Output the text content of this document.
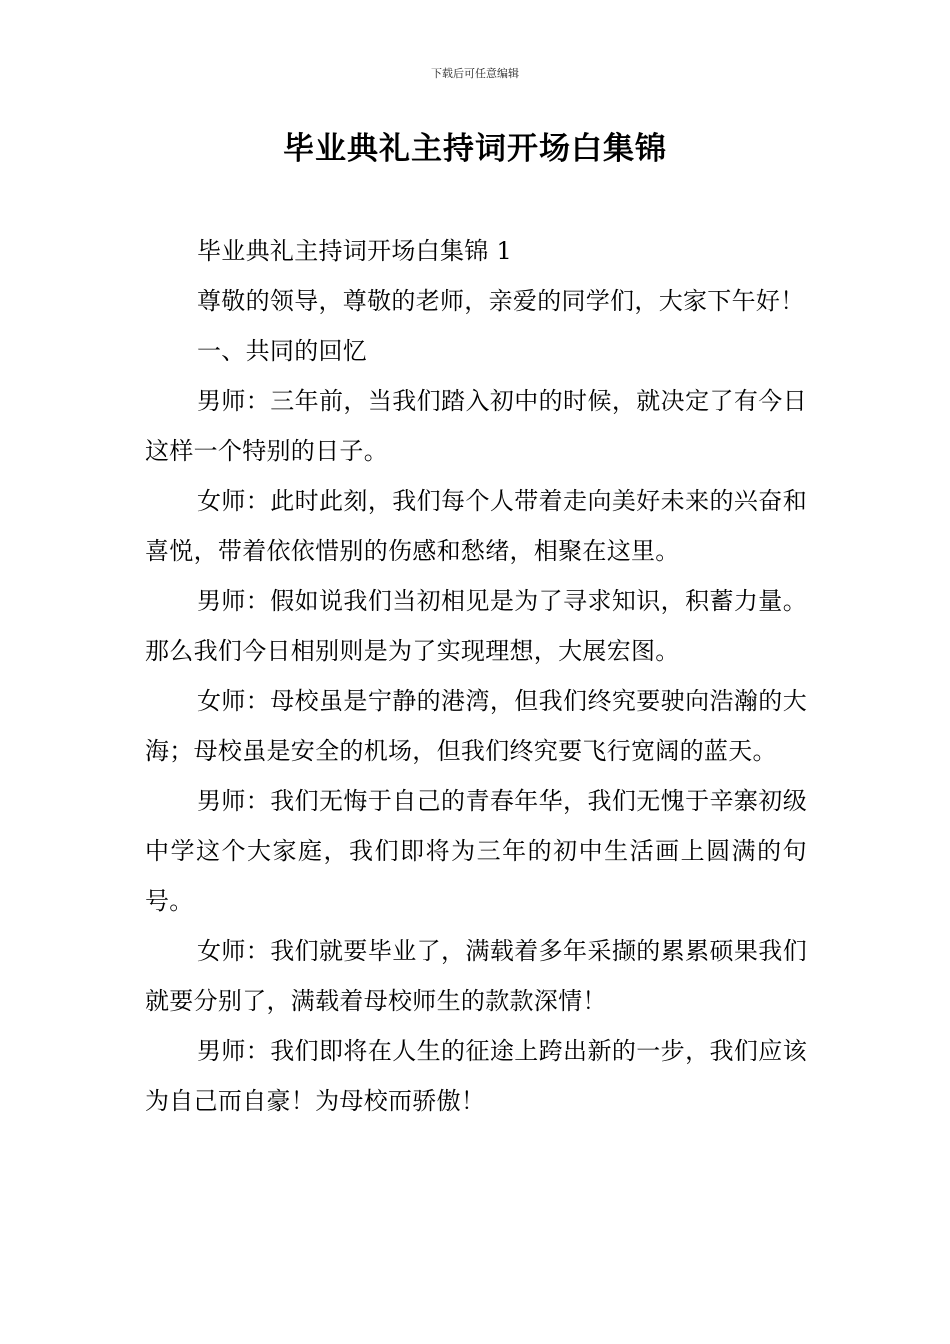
下载后可任意编辑
毕业典礼主持词开场白集锦

毕业典礼主持词开场白集锦 1

尊敬的领导，尊敬的老师，亲爱的同学们，大家下午好！

一、共同的回忆

男师：三年前，当我们踏入初中的时候，就决定了有今日这样一个特别的日子。

女师：此时此刻，我们每个人带着走向美好未来的兴奋和喜悦，带着依依惜别的伤感和愁绪，相聚在这里。

男师：假如说我们当初相见是为了寻求知识，积蓄力量。那么我们今日相别则是为了实现理想，大展宏图。

女师：母校虽是宁静的港湾，但我们终究要驶向浩瀚的大海；母校虽是安全的机场，但我们终究要飞行宽阔的蓝天。

男师：我们无悔于自己的青春年华，我们无愧于辛寨初级中学这个大家庭，我们即将为三年的初中生活画上圆满的句号。

女师：我们就要毕业了，满载着多年采撷的累累硕果我们就要分别了，满载着母校师生的款款深情！

男师：我们即将在人生的征途上跨出新的一步，我们应该为自己而自豪！为母校而骄傲！
